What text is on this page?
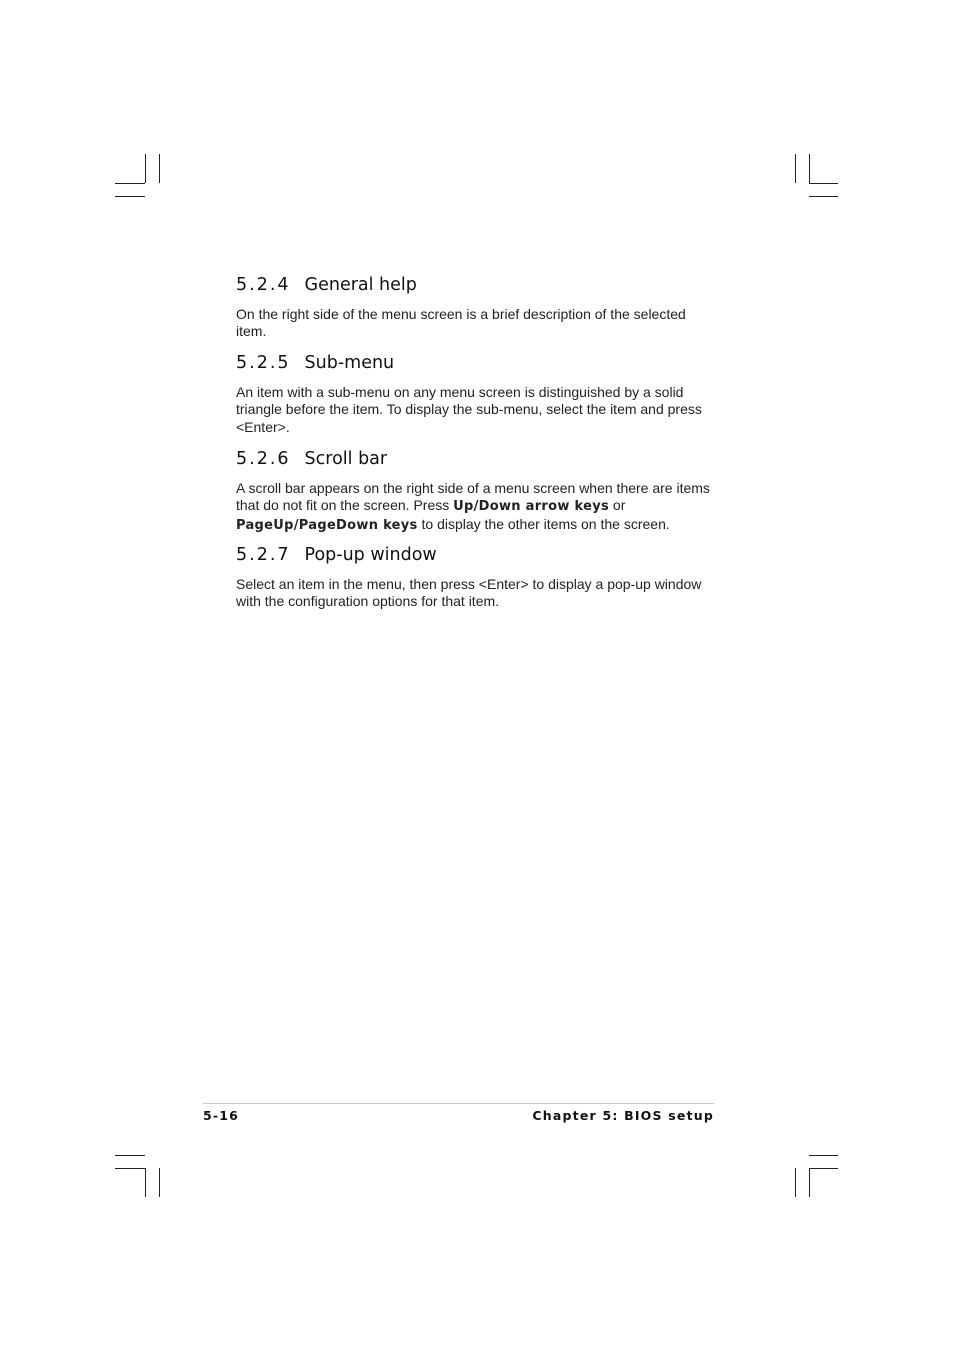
5.2.4 General help

On the right side of the menu screen is a brief description of the selected item.

5.2.5 Sub-menu

An item with a sub-menu on any menu screen is distinguished by a solid triangle before the item. To display the sub-menu, select the item and press <Enter>.

5.2.6 Scroll bar

A scroll bar appears on the right side of a menu screen when there are items that do not fit on the screen. Press Up/Down arrow keys or PageUp/PageDown keys to display the other items on the screen.

5.2.7 Pop-up window

Select an item in the menu, then press <Enter> to display a pop-up window with the configuration options for that item.

5-16	Chapter 5: BIOS setup
